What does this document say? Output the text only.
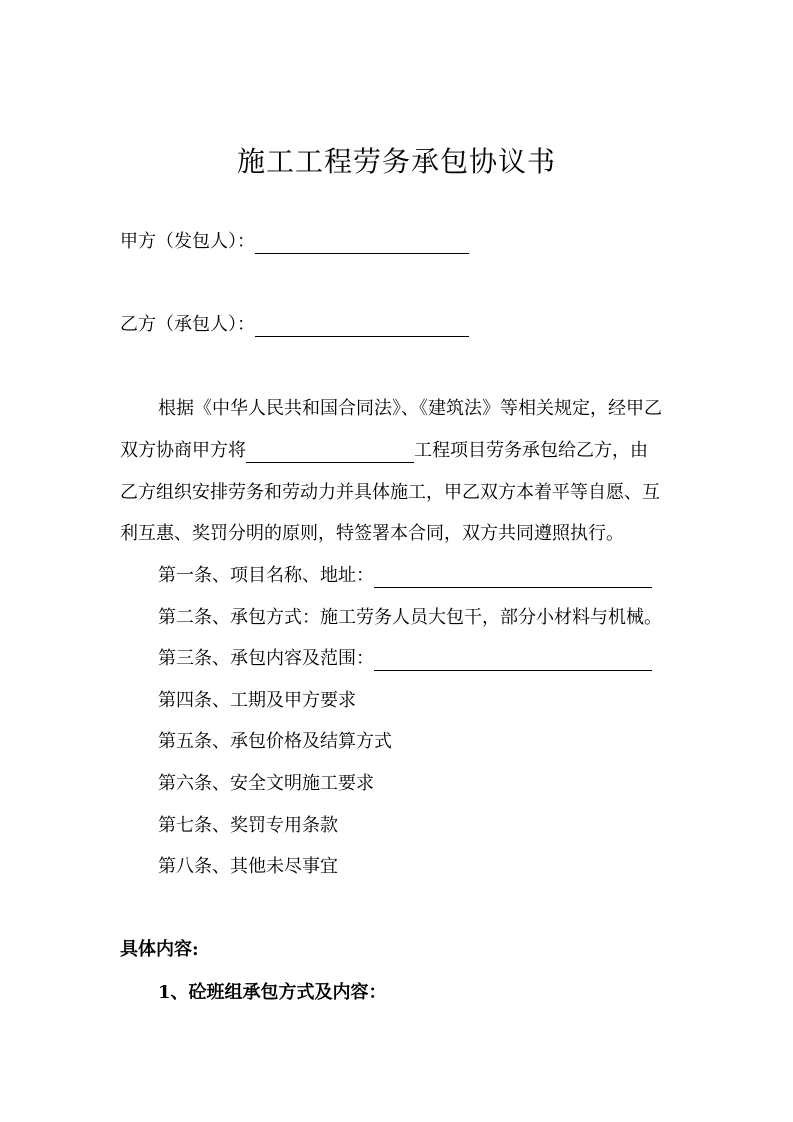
施工工程劳务承包协议书
甲方（发包人）：
乙方（承包人）：
根据《中华人民共和国合同法》、《建筑法》等相关规定，经甲乙
双方协商甲方将	工程项目劳务承包给乙方，由
乙方组织安排劳务和劳动力并具体施工，甲乙双方本着平等自愿、互
利互惠、奖罚分明的原则，特签署本合同，双方共同遵照执行。
第一条、项目名称、地址：
第二条、承包方式：施工劳务人员大包干，部分小材料与机械。
第三条、承包内容及范围：
第四条、工期及甲方要求
第五条、承包价格及结算方式
第六条、安全文明施工要求
第七条、奖罚专用条款
第八条、其他未尽事宜
具体内容:
1、砼班组承包方式及内容：
